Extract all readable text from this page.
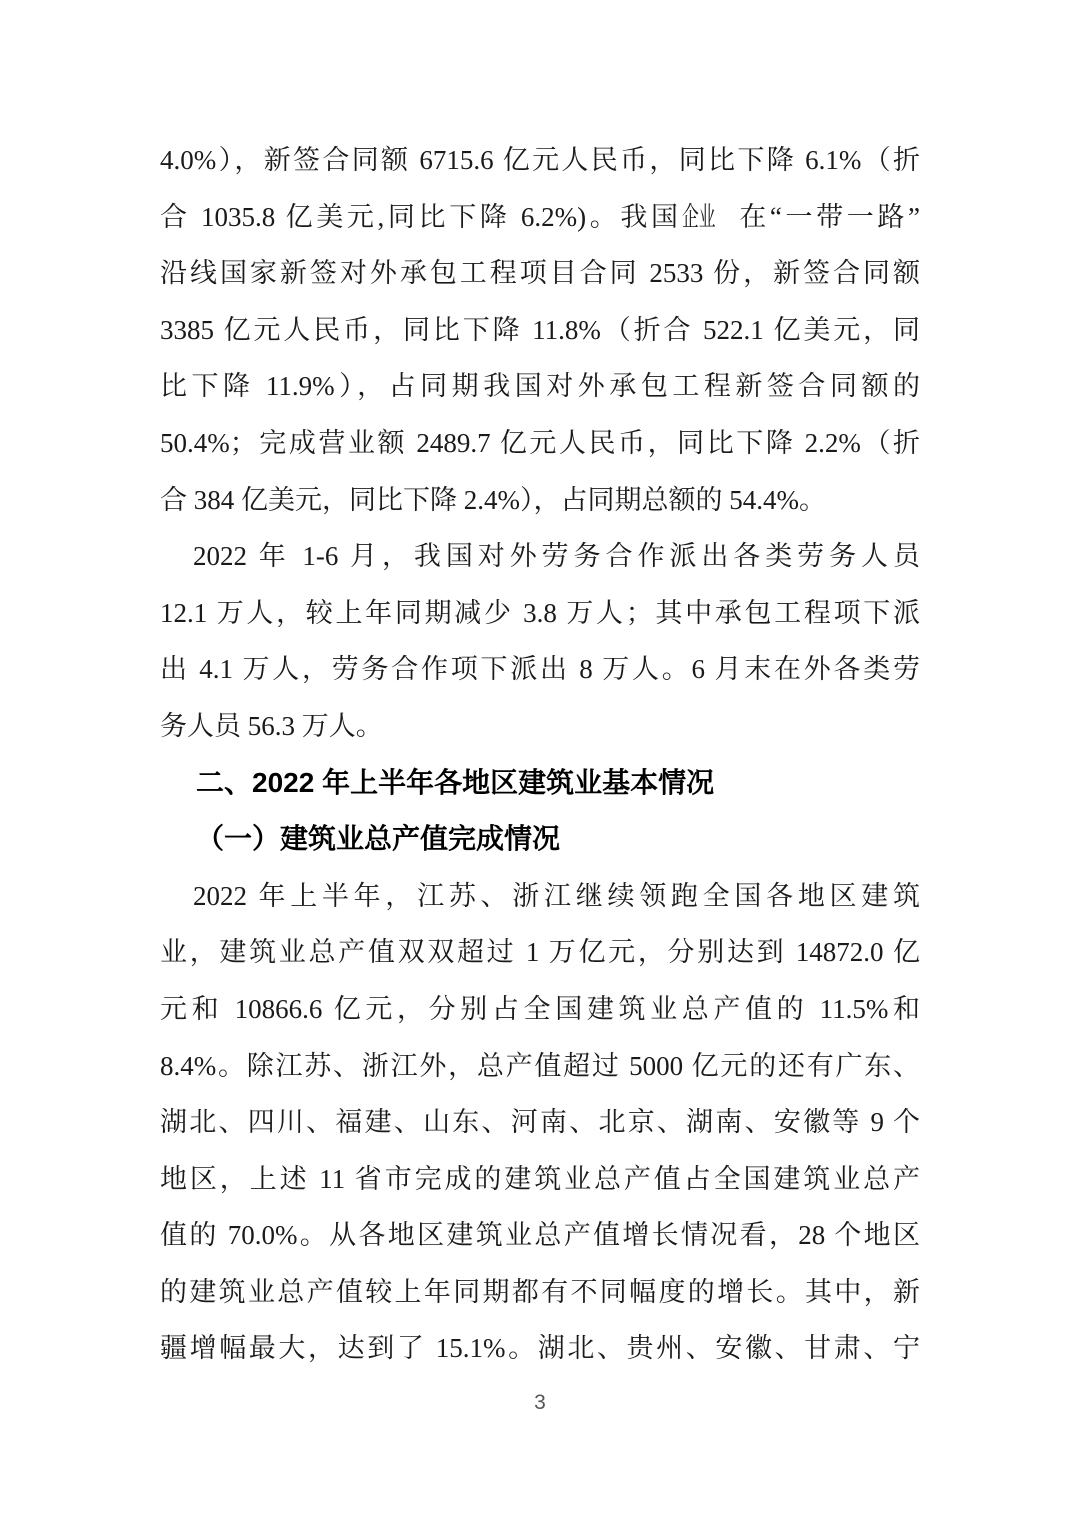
4.0%），新签合同额 6715.6 亿元人民币，同比下降 6.1%（折
合 1035.8 亿美元,同比下降 6.2%)。我国企业 在“一带一路”
沿线国家新签对外承包工程项目合同 2533 份，新签合同额
3385 亿元人民币，同比下降 11.8%（折合 522.1 亿美元，同
比下降 11.9%），占同期我国对外承包工程新签合同额的
50.4%；完成营业额 2489.7 亿元人民币，同比下降 2.2%（折
合 384 亿美元，同比下降 2.4%），占同期总额的 54.4%。
2022 年 1-6 月，我国对外劳务合作派出各类劳务人员
12.1 万人，较上年同期减少 3.8 万人；其中承包工程项下派
出 4.1 万人，劳务合作项下派出 8 万人。6 月末在外各类劳
务人员 56.3 万人。
二、2022 年上半年各地区建筑业基本情况
（一）建筑业总产值完成情况
2022 年上半年，江苏、浙江继续领跑全国各地区建筑
业，建筑业总产值双双超过 1 万亿元，分别达到 14872.0 亿
元和 10866.6 亿元，分别占全国建筑业总产值的 11.5%和
8.4%。除江苏、浙江外，总产值超过 5000 亿元的还有广东、
湖北、四川、福建、山东、河南、北京、湖南、安徽等 9 个
地区，上述 11 省市完成的建筑业总产值占全国建筑业总产
值的 70.0%。从各地区建筑业总产值增长情况看，28 个地区
的建筑业总产值较上年同期都有不同幅度的增长。其中，新
疆增幅最大，达到了 15.1%。湖北、贵州、安徽、甘肃、宁
3
